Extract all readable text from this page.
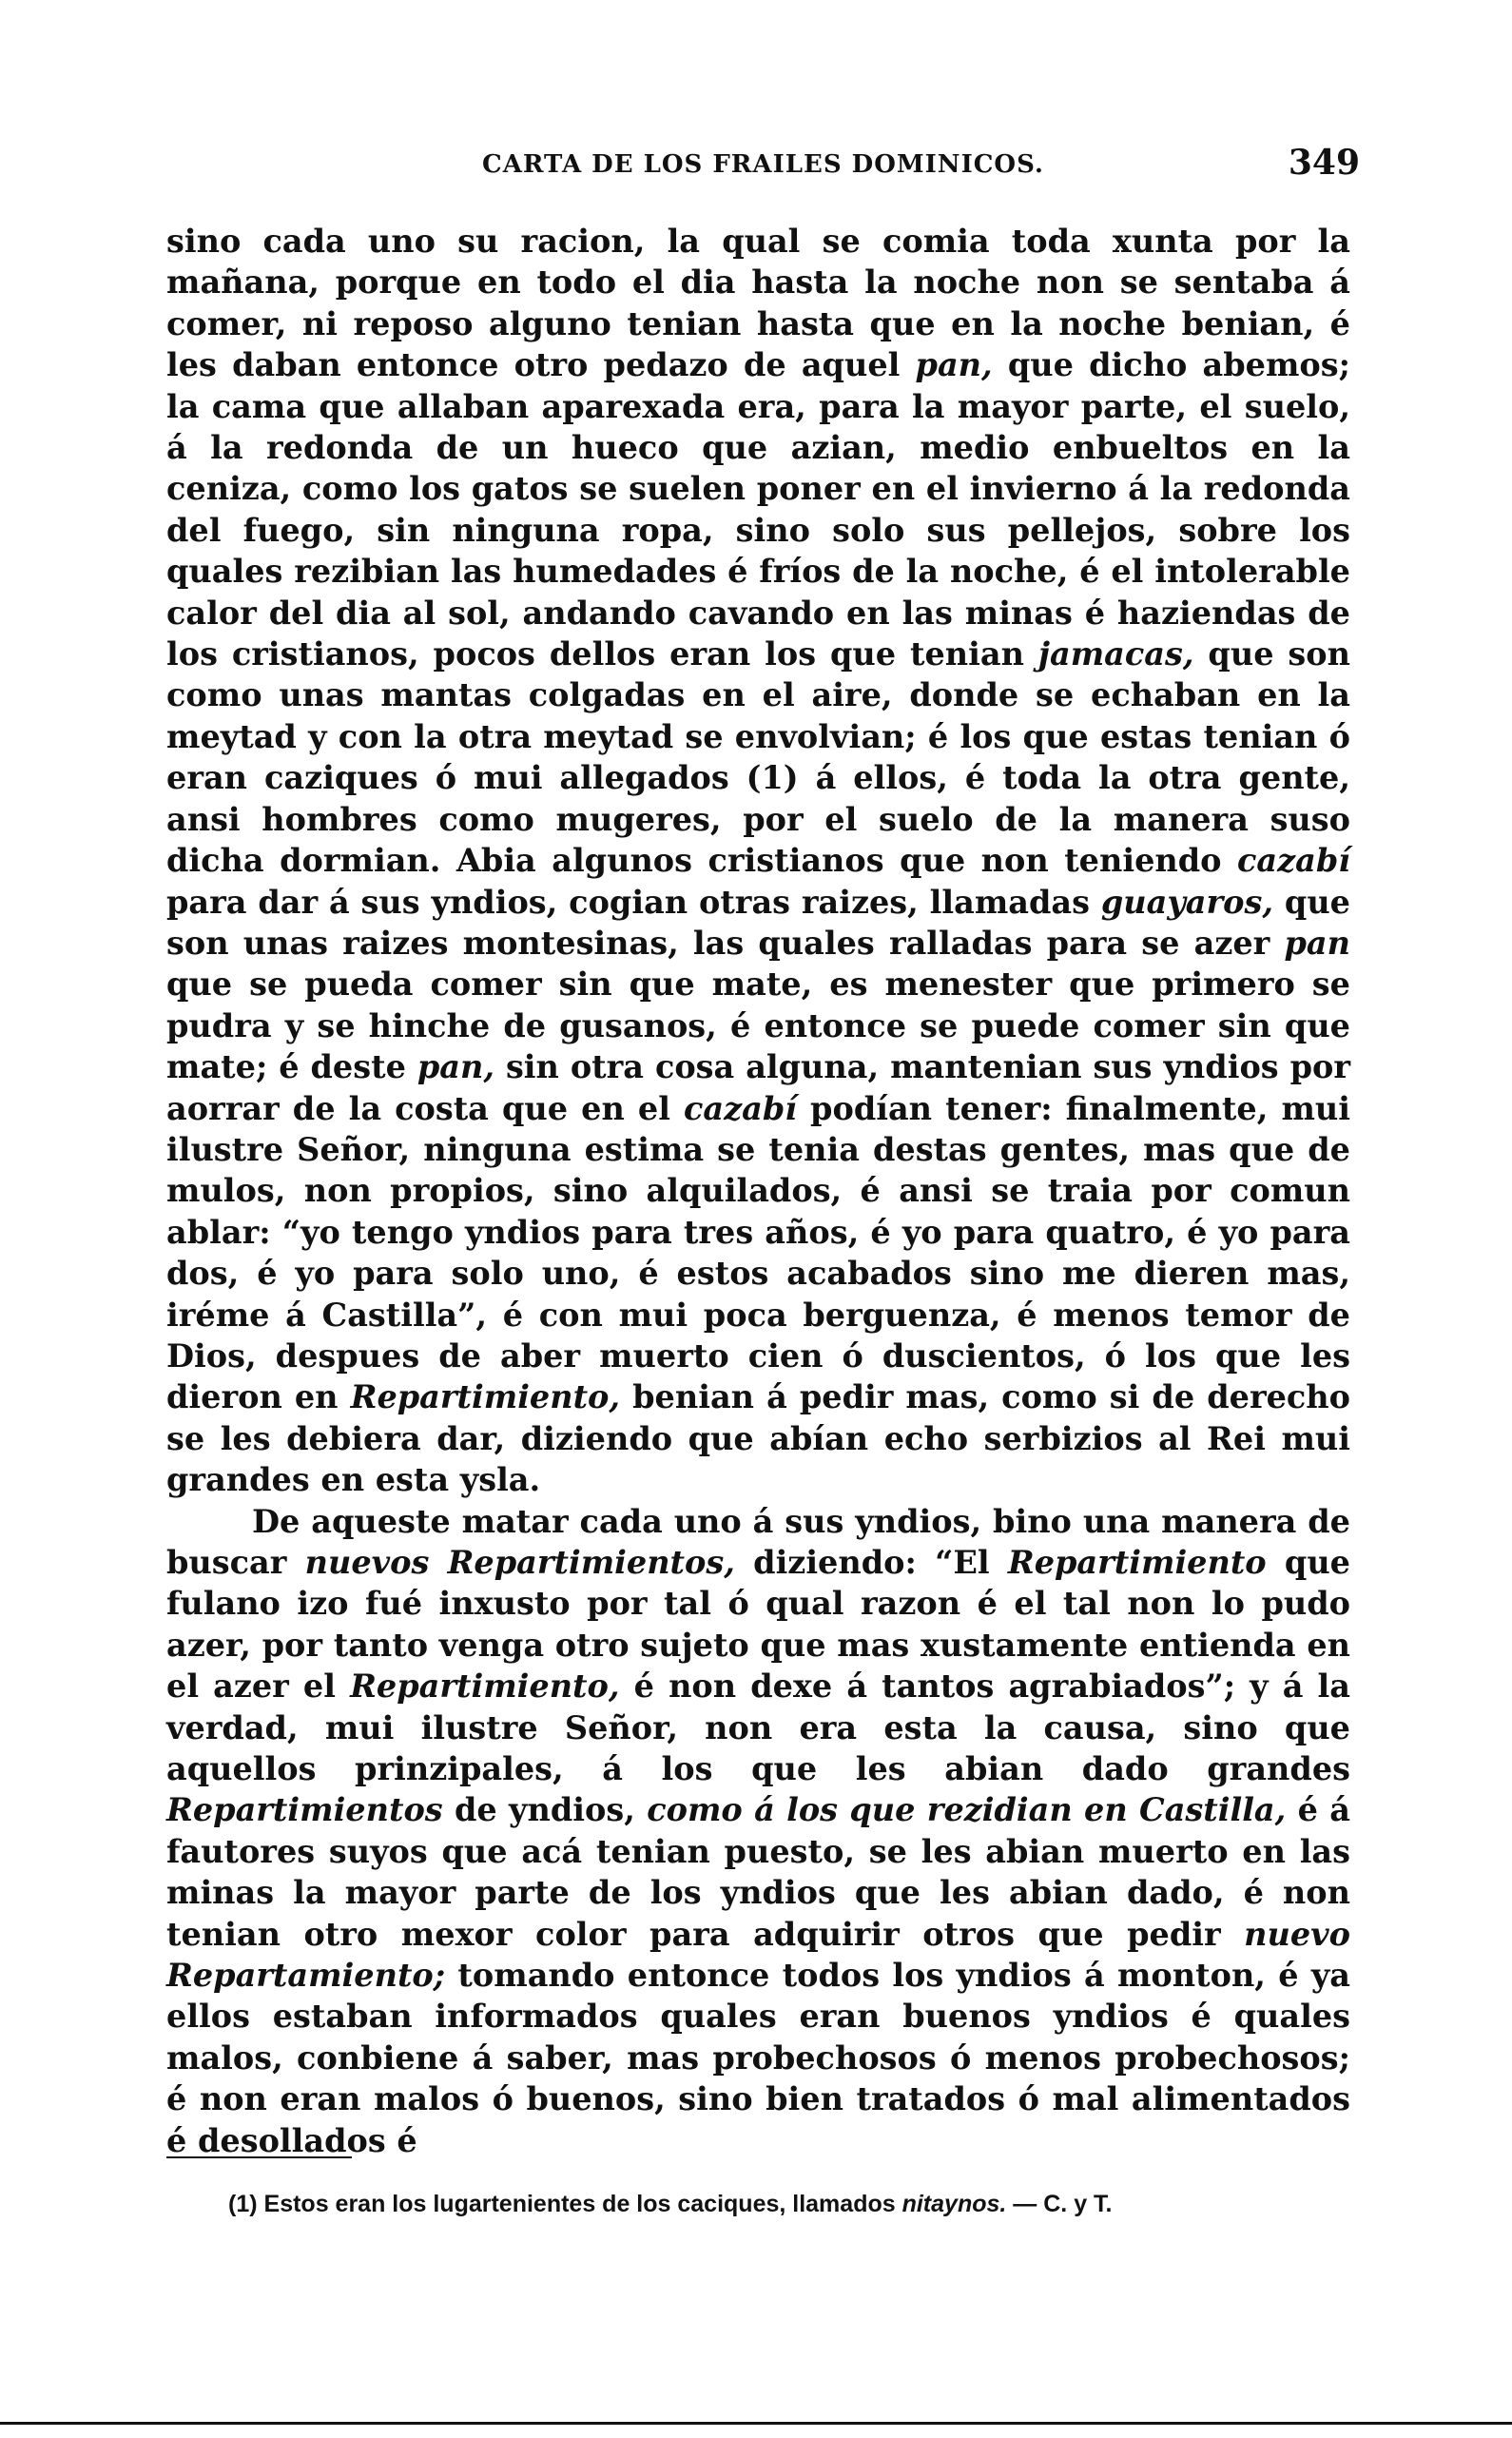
CARTA DE LOS FRAILES DOMINICOS.	349

sino cada uno su racion, la qual se comia toda xunta por la mañana, porque en todo el dia hasta la noche non se sentaba á comer, ni reposo alguno tenian hasta que en la noche benian, é les daban entonce otro pedazo de aquel pan, que dicho abemos; la cama que allaban aparexada era, para la mayor parte, el suelo, á la redonda de un hueco que azian, medio enbueltos en la ceniza, como los gatos se suelen poner en el invierno á la redonda del fuego, sin ninguna ropa, sino solo sus pellejos, sobre los quales rezibian las humedades é fríos de la noche, é el intolerable calor del dia al sol, andando cavando en las minas é haziendas de los cristianos, pocos dellos eran los que tenian jamacas, que son como unas mantas colgadas en el aire, donde se echaban en la meytad y con la otra meytad se envolvian; é los que estas tenian ó eran caziques ó mui allegados (1) á ellos, é toda la otra gente, ansi hombres como mugeres, por el suelo de la manera suso dicha dormian. Abia algunos cristianos que non teniendo cazabí para dar á sus yndios, cogian otras raizes, llamadas guayaros, que son unas raizes montesinas, las quales ralladas para se azer pan que se pueda comer sin que mate, es menester que primero se pudra y se hinche de gusanos, é entonce se puede comer sin que mate; é deste pan, sin otra cosa alguna, mantenian sus yndios por aorrar de la costa que en el cazabí podían tener: finalmente, mui ilustre Señor, ninguna estima se tenia destas gentes, mas que de mulos, non propios, sino alquilados, é ansi se traia por comun ablar: “yo tengo yndios para tres años, é yo para quatro, é yo para dos, é yo para solo uno, é estos acabados sino me dieren mas, iréme á Castilla”, é con mui poca berguenza, é menos temor de Dios, despues de aber muerto cien ó duscientos, ó los que les dieron en Repartimiento, benian á pedir mas, como si de derecho se les debiera dar, diziendo que abían echo serbizios al Rei mui grandes en esta ysla.

De aqueste matar cada uno á sus yndios, bino una manera de buscar nuevos Repartimientos, diziendo: “El Repartimiento que fulano izo fué inxusto por tal ó qual razon é el tal non lo pudo azer, por tanto venga otro sujeto que mas xustamente entienda en el azer el Repartimiento, é non dexe á tantos agrabiados”; y á la verdad, mui ilustre Señor, non era esta la causa, sino que aquellos prinzipales, á los que les abian dado grandes Repartimientos de yndios, como á los que rezidian en Castilla, é á fautores suyos que acá tenian puesto, se les abian muerto en las minas la mayor parte de los yndios que les abian dado, é non tenian otro mexor color para adquirir otros que pedir nuevo Repartamiento; tomando entonce todos los yndios á monton, é ya ellos estaban informados quales eran buenos yndios é quales malos, conbiene á saber, mas probechosos ó menos probechosos; é non eran malos ó buenos, sino bien tratados ó mal alimentados é desollados é

(1) Estos eran los lugartenientes de los caciques, llamados nitaynos. — C. y T.
